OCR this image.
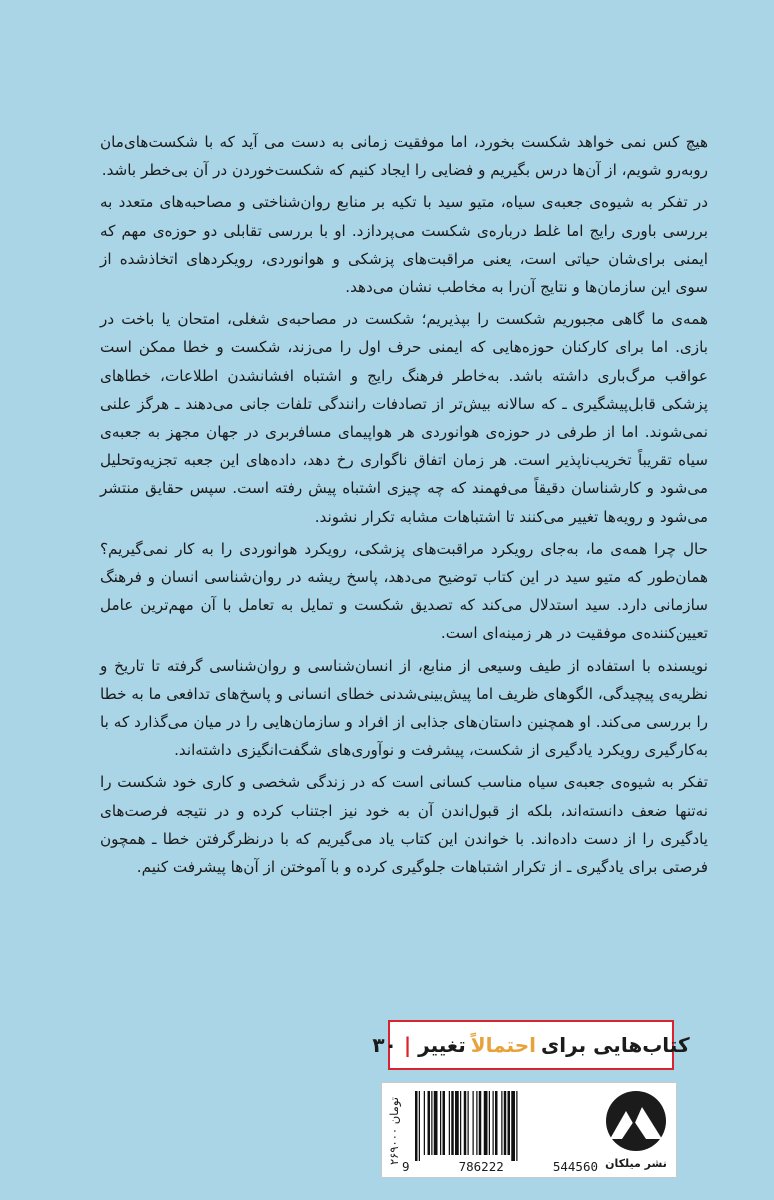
هیچ کس نمی خواهد شکست بخورد، اما موفقیت زمانی به دست می آید که با شکست‌های‌مان روبه‌رو شویم، از آن‌ها درس بگیریم و فضایی را ایجاد کنیم که شکست‌خوردن در آن بی‌خطر باشد.

در تفکر به شیوه‌ی جعبه‌ی سیاه، متیو سید با تکیه بر منابع روان‌شناختی و مصاحبه‌های متعدد به بررسی باوری رایج اما غلط درباره‌ی شکست می‌پردازد. او با بررسی تقابلی دو حوزه‌ی مهم که ایمنی برای‌شان حیاتی است، یعنی مراقبت‌های پزشکی و هوانوردی، رویکردهای اتخاذشده از سوی این سازمان‌ها و نتایج آن‌را به مخاطب نشان می‌دهد.

همه‌ی ما گاهی مجبوریم شکست را بپذیریم؛ شکست در مصاحبه‌ی شغلی، امتحان یا باخت در بازی. اما برای کارکنان حوزه‌هایی که ایمنی حرف اول را می‌زند، شکست و خطا ممکن است عواقب مرگ‌باری داشته باشد. به‌خاطر فرهنگ رایج و اشتباه افشانشدن اطلاعات، خطاهای پزشکی قابل‌پیشگیری ـ که سالانه بیش‌تر از تصادفات رانندگی تلفات جانی می‌دهند ـ هرگز علنی نمی‌شوند. اما از طرفی در حوزه‌ی هوانوردی هر هواپیمای مسافربری در جهان مجهز به جعبه‌ی سیاه تقریباً تخریب‌ناپذیر است. هر زمان اتفاق ناگواری رخ دهد، داده‌های این جعبه تجزیه‌وتحلیل می‌شود و کارشناسان دقیقاً می‌فهمند که چه چیزی اشتباه پیش رفته است. سپس حقایق منتشر می‌شود و رویه‌ها تغییر می‌کنند تا اشتباهات مشابه تکرار نشوند.

حال چرا همه‌ی ما، به‌جای رویکرد مراقبت‌های پزشکی، رویکرد هوانوردی را به کار نمی‌گیریم؟ همان‌طور که متیو سید در این کتاب توضیح می‌دهد، پاسخ ریشه در روان‌شناسی انسان و فرهنگ سازمانی دارد. سید استدلال می‌کند که تصدیق شکست و تمایل به تعامل با آن مهم‌ترین عامل تعیین‌کننده‌ی موفقیت در هر زمینه‌ای است.

نویسنده با استفاده از طیف وسیعی از منابع، از انسان‌شناسی و روان‌شناسی گرفته تا تاریخ و نظریه‌ی پیچیدگی، الگوهای ظریف اما پیش‌بینی‌شدنی خطای انسانی و پاسخ‌های تدافعی ما به خطا را بررسی می‌کند. او همچنین داستان‌های جذابی از افراد و سازمان‌هایی را در میان می‌گذارد که با به‌کارگیری رویکرد یادگیری از شکست، پیشرفت و نوآوری‌های شگفت‌انگیزی داشته‌اند.

تفکر به شیوه‌ی جعبه‌ی سیاه مناسب کسانی است که در زندگی شخصی و کاری خود شکست را نه‌تنها ضعف دانسته‌اند، بلکه از قبول‌اندن آن به خود نیز اجتناب کرده و در نتیجه فرصت‌های یادگیری را از دست داده‌اند. با خواندن این کتاب یاد می‌گیریم که با درنظرگرفتن خطا ـ همچون فرصتی برای یادگیری ـ از تکرار اشتباهات جلوگیری کرده و با آموختن از آن‌ها پیشرفت کنیم.

کتاب‌هایی برای
احتمالاً
تغییر
|
۳۰
۲۶۹۰۰۰ تومان
9	786222	544560 نشر میلکان
